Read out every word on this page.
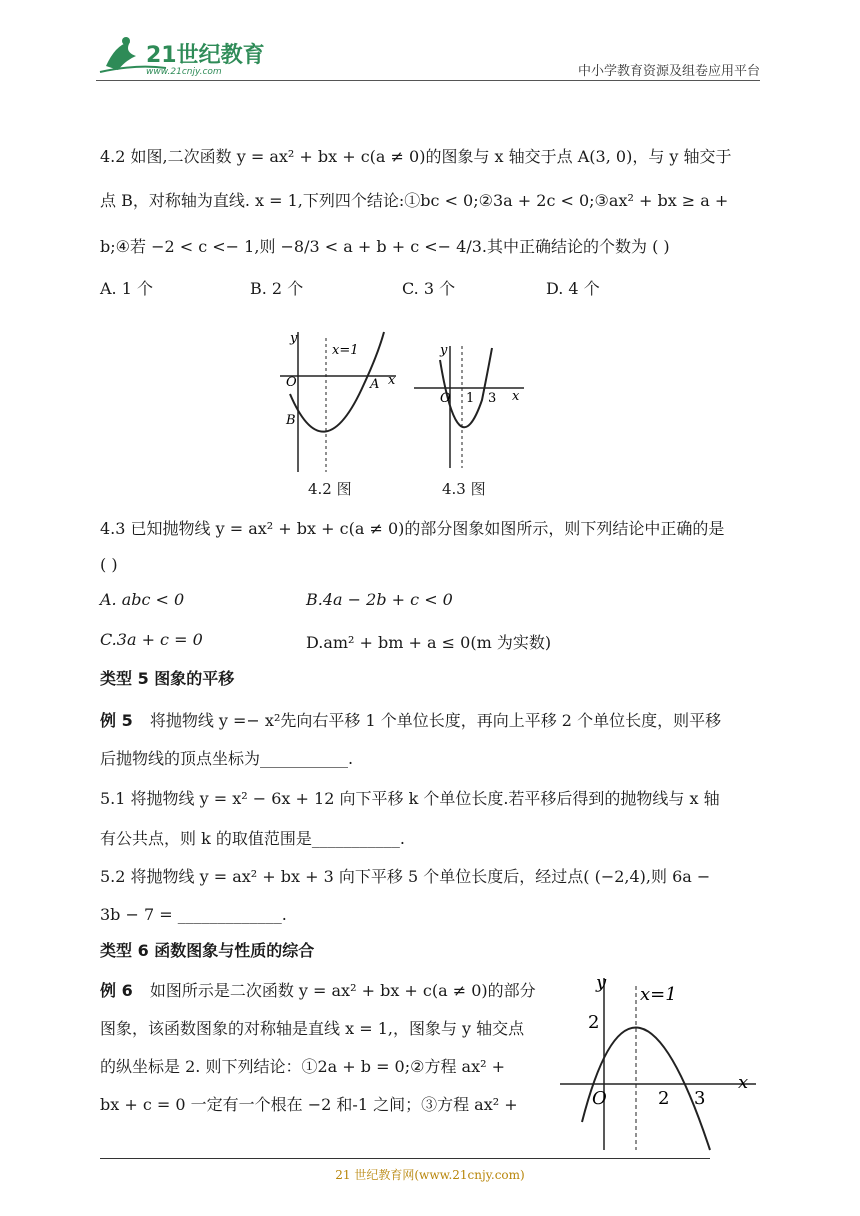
21世纪教育
www.21cnjy.com	中小学教育资源及组卷应用平台
4.2 如图,二次函数 y = ax² + bx + c(a ≠ 0)的图象与 x 轴交于点 A(3, 0)，与 y 轴交于
点 B，对称轴为直线. x = 1,下列四个结论:①bc < 0;②3a + 2c < 0;③ax² + bx ≥ a +
b;④若 −2 < c <− 1,则 −8/3 < a + b + c <− 4/3.其中正确结论的个数为 ( )
A. 1 个	B. 2 个	C. 3 个	D. 4 个
y
x=1
O	A x
B
4.2 图
y
O 1 3 x
4.3 图
4.3 已知抛物线 y = ax² + bx + c(a ≠ 0)的部分图象如图所示，则下列结论中正确的是
( )
A. abc < 0	B.4a − 2b + c < 0
C.3a + c = 0	D.am² + bm + a ≤ 0(m 为实数)
类型 5 图象的平移
例 5 将抛物线 y =− x²先向右平移 1 个单位长度，再向上平移 2 个单位长度，则平移
后抛物线的顶点坐标为___________.
5.1 将抛物线 y = x² − 6x + 12 向下平移 k 个单位长度.若平移后得到的抛物线与 x 轴
有公共点，则 k 的取值范围是___________.
5.2 将抛物线 y = ax² + bx + 3 向下平移 5 个单位长度后，经过点( (−2,4),则 6a −
3b − 7 = _____________.
类型 6 函数图象与性质的综合
例 6 如图所示是二次函数 y = ax² + bx + c(a ≠ 0)的部分
图象，该函数图象的对称轴是直线 x = 1,，图象与 y 轴交点
的纵坐标是 2. 则下列结论：①2a + b = 0;②方程 ax² +
bx + c = 0 一定有一个根在 −2 和-1 之间；③方程 ax² +
y
x=1
2
O	2 3
x
21 世纪教育网(www.21cnjy.com)
